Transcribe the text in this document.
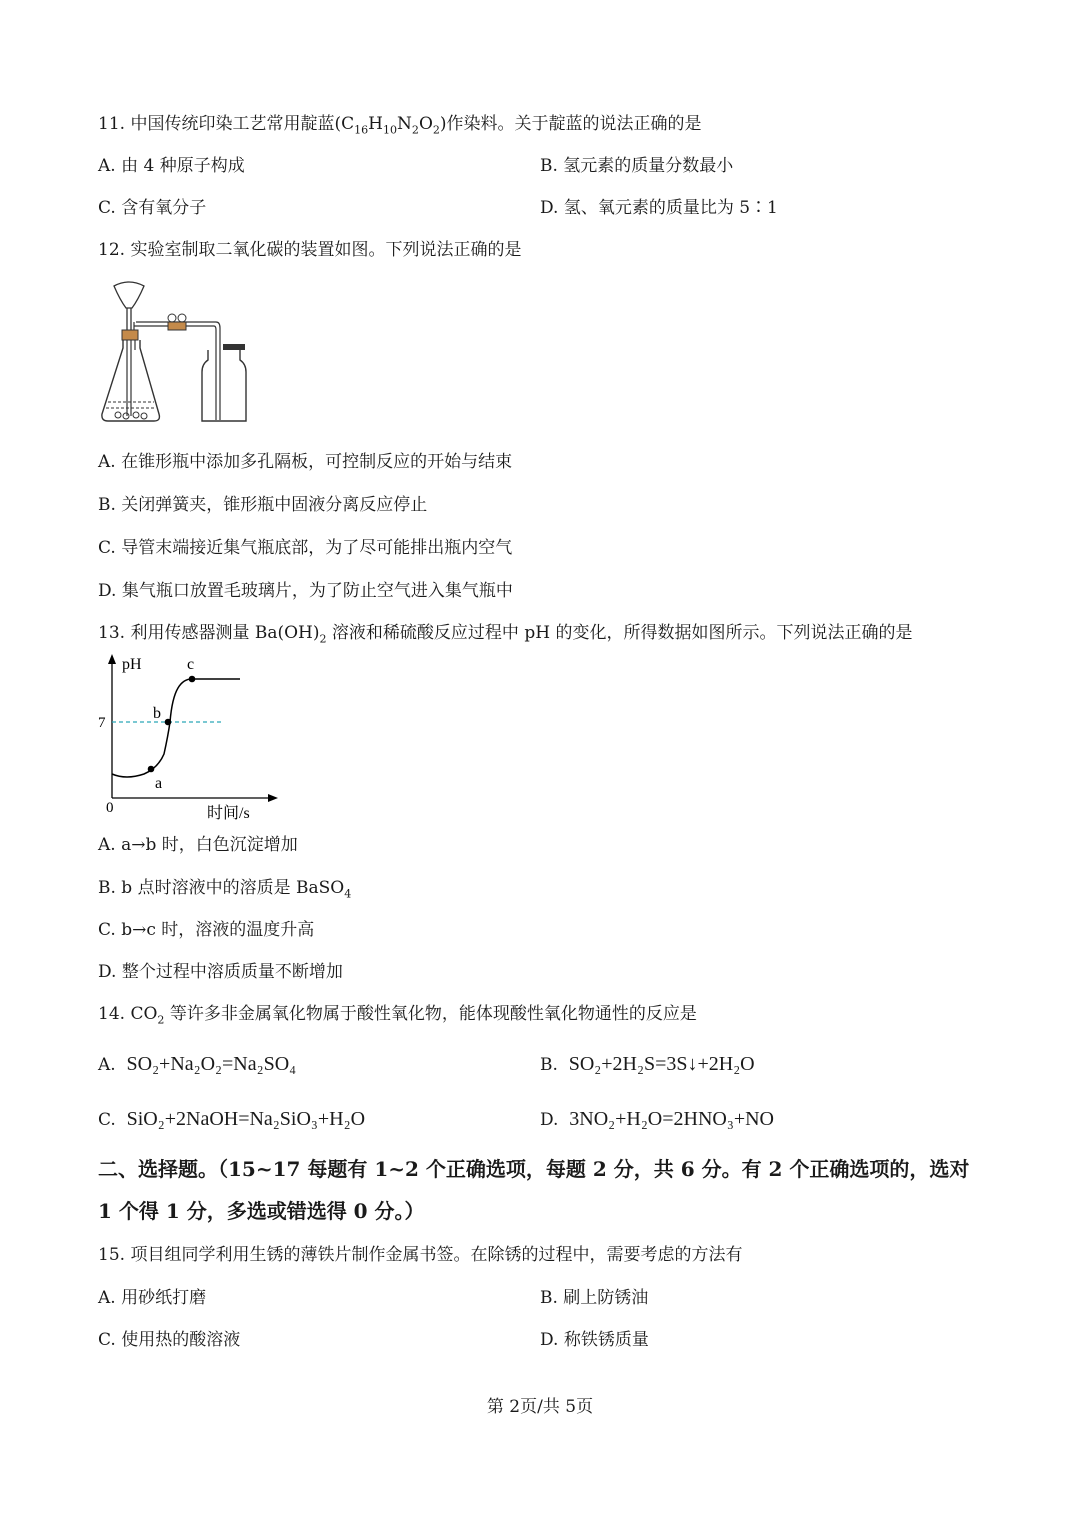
11. 中国传统印染工艺常用靛蓝$(C_{16}H_{10}N_2O_2)$作染料。关于靛蓝的说法正确的是
A. 由 4 种原子构成	B. 氢元素的质量分数最小
C. 含有氧分子	D. 氢、氧元素的质量比为 5∶1
12. 实验室制取二氧化碳的装置如图。下列说法正确的是
A. 在锥形瓶中添加多孔隔板，可控制反应的开始与结束
B. 关闭弹簧夹，锥形瓶中固液分离反应停止
C. 导管末端接近集气瓶底部，为了尽可能排出瓶内空气
D. 集气瓶口放置毛玻璃片，为了防止空气进入集气瓶中
13. 利用传感器测量 $Ba(OH)_2$ 溶液和稀硫酸反应过程中 pH 的变化，所得数据如图所示。下列说法正确的是
pH
时间/s
0
7
a
b
c
A. a→b 时，白色沉淀增加
B. b 点时溶液中的溶质是 BaSO$_4$
C. b→c 时，溶液的温度升高
D. 整个过程中溶质质量不断增加
14. $CO_2$ 等许多非金属氧化物属于酸性氧化物，能体现酸性氧化物通性的反应是
A. SO₂+Na₂O₂=Na₂SO₄	B. SO₂+2H₂S=3S↓+2H₂O
C. SiO₂+2NaOH=Na₂SiO₃+H₂O	D. 3NO₂+H₂O=2HNO₃+NO
二、选择题。（15~17 每题有 1~2 个正确选项，每题 2 分，共 6 分。有 2 个正确选项的，选对
1 个得 1 分，多选或错选得 0 分。）
15. 项目组同学利用生锈的薄铁片制作金属书签。在除锈的过程中，需要考虑的方法有
A. 用砂纸打磨	B. 刷上防锈油
C. 使用热的酸溶液	D. 称铁锈质量
第 2页/共 5页
